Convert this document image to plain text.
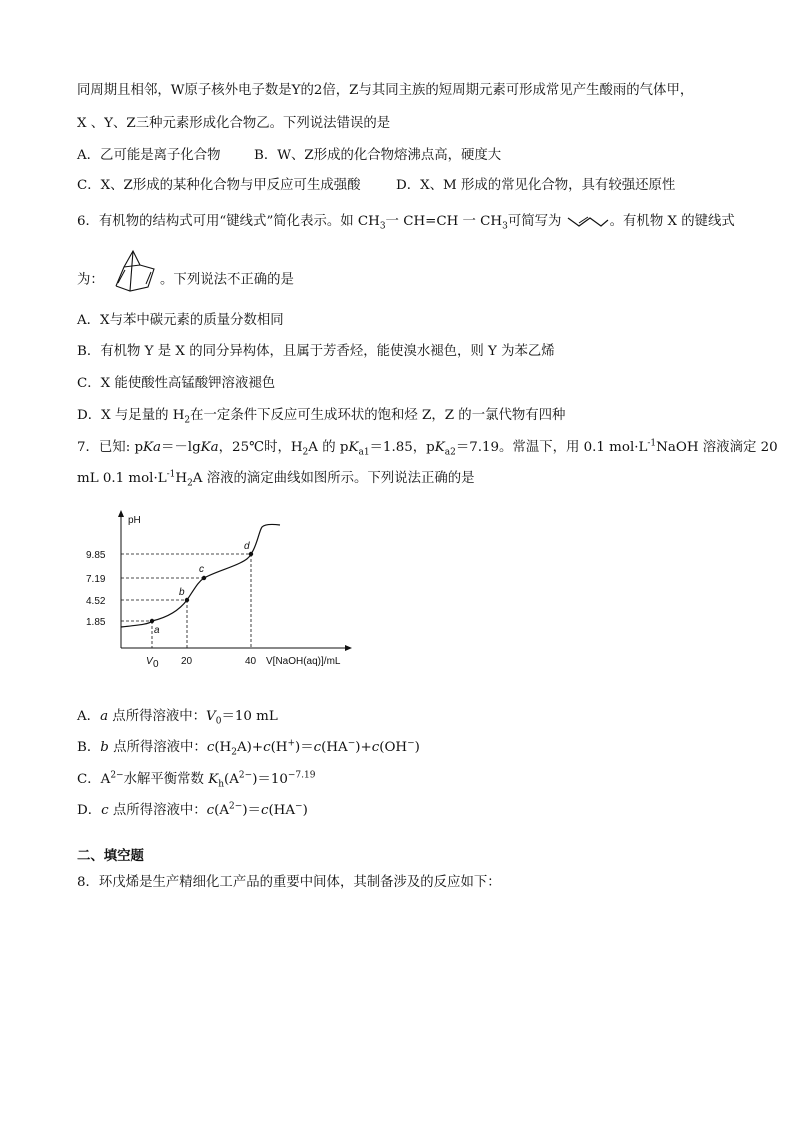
同周期且相邻，W原子核外电子数是Y的2倍，Z与其同主族的短周期元素可形成常见产生酸雨的气体甲，
X 、Y、Z三种元素形成化合物乙。下列说法错误的是
A．乙可能是离子化合物 B．W、Z形成的化合物熔沸点高，硬度大
C．X、Z形成的某种化合物与甲反应可生成强酸	D．X、M 形成的常见化合物，具有较强还原性
6．有机物的结构式可用“键线式”简化表示。如 $CH_3$一 CH=CH 一 $CH_3$可简写为	。有机物 X 的键线式
为：	。下列说法不正确的是
A．X与苯中碳元素的质量分数相同
B．有机物 Y 是 X 的同分异构体，且属于芳香烃，能使溴水褪色，则 Y 为苯乙烯
C．X 能使酸性高锰酸钾溶液褪色
D．X 与足量的 $H_2$在一定条件下反应可生成环状的饱和烃 Z，Z 的一氯代物有四种
7．已知: pKa＝－lgKa，25℃时，$H_2A$ 的 $pK_{a1}=1.85$，$pK_{a2}=7.19$。常温下，用 0.1 $mol\cdot L^{-1}NaOH$ 溶液滴定 20
mL 0.1 $mol\cdot L^{-1}H_2A$ 溶液的滴定曲线如图所示。下列说法正确的是
pH
a
b
c
d
9.85
7.19
4.52
1.85
V 0 20	40 V[NaOH(aq)]/mL
A．a 点所得溶液中：$V_0=10$ mL
B．b 点所得溶液中：$c(H_2A)+c(H^+)=c(HA^-)+c(OH^-)$
C．$A^{2-}$水解平衡常数 $K_h(A^{2-})=10^{-7.19}$
D．c 点所得溶液中：$c(A^{2-})=c(HA^-)$
二、填空题
8．环戊烯是生产精细化工产品的重要中间体，其制备涉及的反应如下：
